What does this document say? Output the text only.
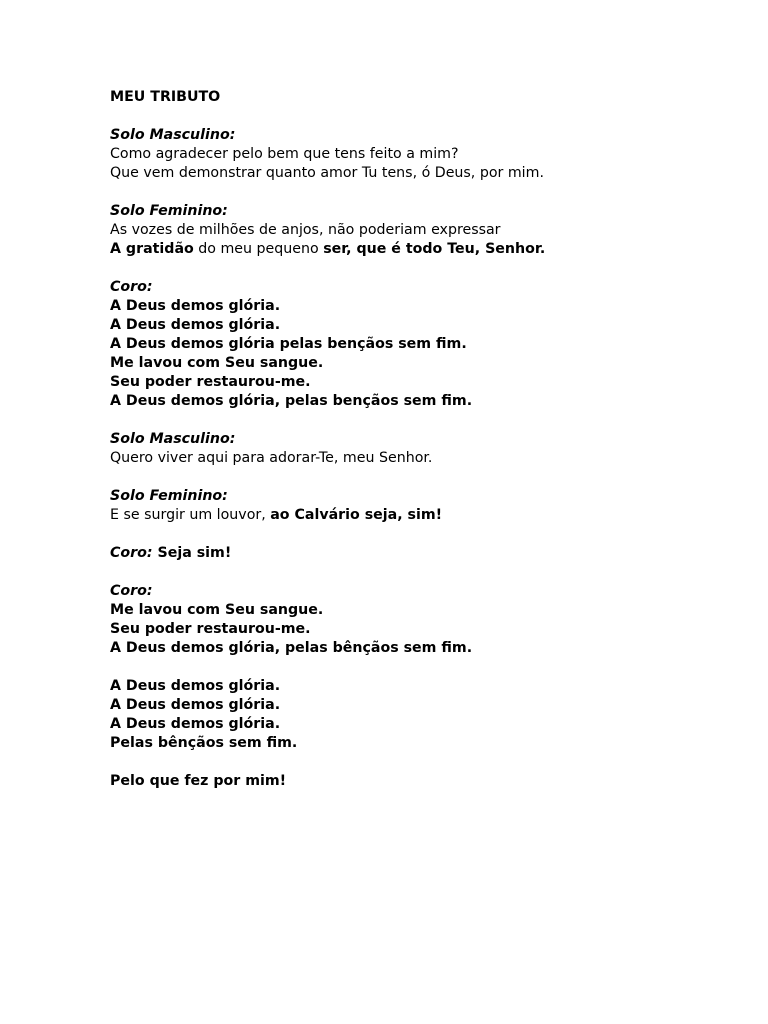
MEU TRIBUTO
Solo Masculino:
Como agradecer pelo bem que tens feito a mim?
Que vem demonstrar quanto amor Tu tens, ó Deus, por mim.
Solo Feminino:
As vozes de milhões de anjos, não poderiam expressar
A gratidão do meu pequeno ser, que é todo Teu, Senhor.
Coro:
A Deus demos glória.
A Deus demos glória.
A Deus demos glória pelas bençãos sem fim.
Me lavou com Seu sangue.
Seu poder restaurou-me.
A Deus demos glória, pelas bençãos sem fim.
Solo Masculino:
Quero viver aqui para adorar-Te, meu Senhor.
Solo Feminino:
E se surgir um louvor, ao Calvário seja, sim!
Coro: Seja sim!
Coro:
Me lavou com Seu sangue.
Seu poder restaurou-me.
A Deus demos glória, pelas bênçãos sem fim.
A Deus demos glória.
A Deus demos glória.
A Deus demos glória.
Pelas bênçãos sem fim.
Pelo que fez por mim!
